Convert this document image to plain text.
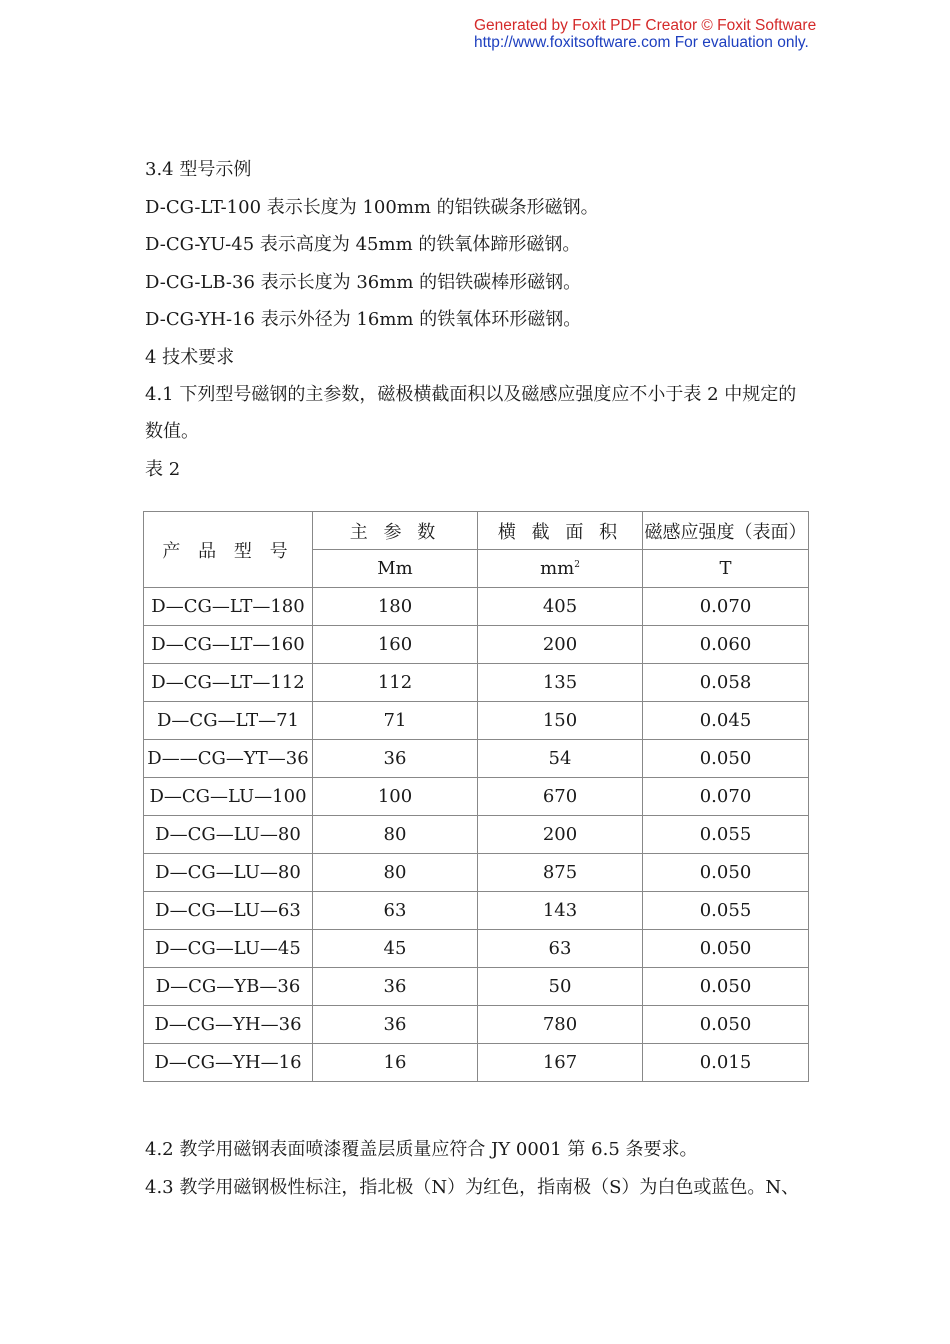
Generated by Foxit PDF Creator © Foxit Software
http://www.foxitsoftware.com For evaluation only.
3.4 型号示例
D-CG-LT-100 表示长度为 100mm 的铝铁碳条形磁钢。
D-CG-YU-45 表示高度为 45mm 的铁氧体蹄形磁钢。
D-CG-LB-36 表示长度为 36mm 的铝铁碳棒形磁钢。
D-CG-YH-16 表示外径为 16mm 的铁氧体环形磁钢。
4 技术要求
4.1 下列型号磁钢的主参数，磁极横截面积以及磁感应强度应不小于表 2 中规定的数值。
表 2
产 品 型 号	主 参 数	横 截 面 积	磁感应强度（表面）
	Mm	$mm^2$	T
D—CG—LT—180	180	405	0.070
D—CG—LT—160	160	200	0.060
D—CG—LT—112	112	135	0.058
D—CG—LT—71	71	150	0.045
D——CG—YT—36	36	54	0.050
D—CG—LU—100	100	670	0.070
D—CG—LU—80	80	200	0.055
D—CG—LU—80	80	875	0.050
D—CG—LU—63	63	143	0.055
D—CG—LU—45	45	63	0.050
D—CG—YB—36	36	50	0.050
D—CG—YH—36	36	780	0.050
D—CG—YH—16	16	167	0.015
4.2 教学用磁钢表面喷漆覆盖层质量应符合 JY 0001 第 6.5 条要求。
4.3 教学用磁钢极性标注，指北极（N）为红色，指南极（S）为白色或蓝色。N、
